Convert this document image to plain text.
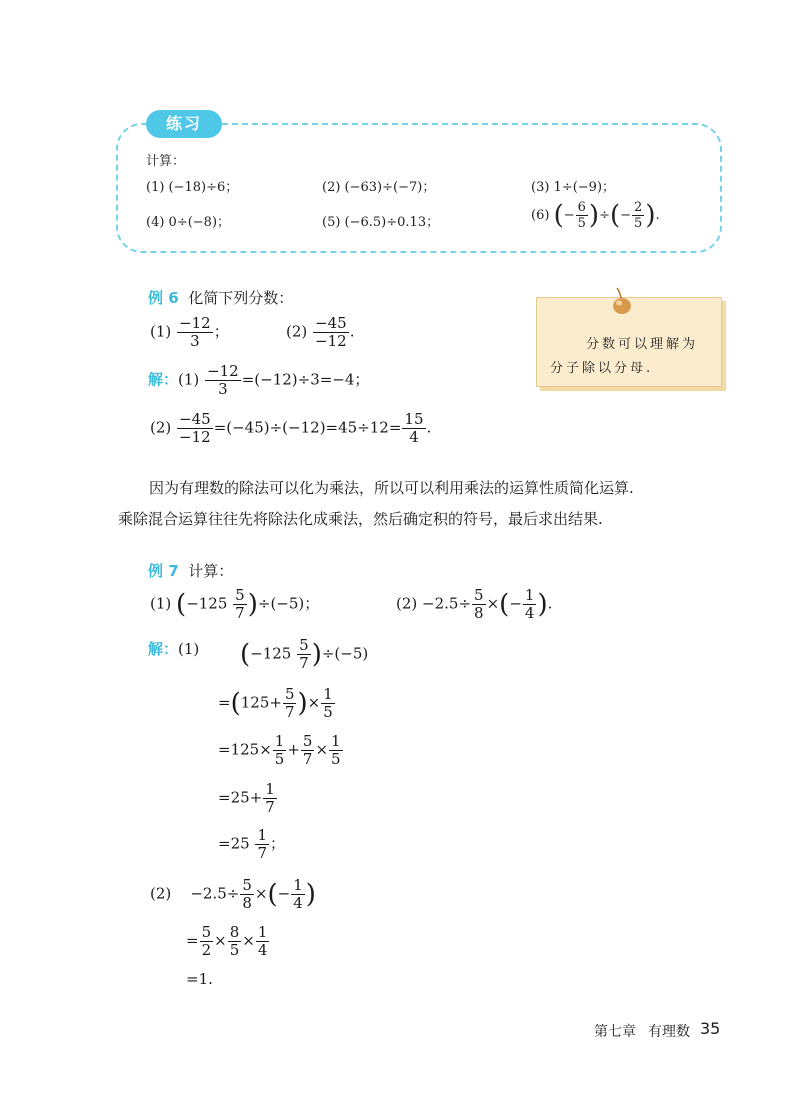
练习
计算：
(1) (−18)÷6；	(2) (−63)÷(−7)；	(3) 1÷(−9)；
(4) 0÷(−8)；	(5) (−6.5)÷0.13；	(6) (− $\frac{6}{5}$ )÷(− $\frac{2}{5}$ ).
例 6 化简下列分数：
$(1) \frac{-12}{3}$ ；	$(2) \frac{-45}{-12}$ .
解：$(1) \frac{-12}{3} =(-12)\div 3=-4$；
$(2) \frac{-45}{-12} =(-45)\div(-12)=45\div 12= \frac{15}{4}$ .
分数可以理解为
分子除以分母.
因为有理数的除法可以化为乘法，所以可以利用乘法的运算性质简化运算.
乘除混合运算往往先将除法化成乘法，然后确定积的符号，最后求出结果.
例 7 计算：
(1) $(-125 \frac{5}{7} )\div(-5)$；	$(2) -2.5\div \frac{5}{8}$ ×(− $\frac{1}{4}$ ).
解：(1) $(-125 \frac{5}{7} )\div(-5)$
$=(125+ \frac{5}{7}$ )× $\frac{1}{5}$
$=125\times \frac{1}{5} + \frac{5}{7} \times \frac{1}{5}$
$=25+ \frac{1}{7}$
$=25 \frac{1}{7}$ ；
$(2) -2.5\div \frac{5}{8}$ ×(− $\frac{1}{4}$ )
= $\frac{5}{2} \times \frac{8}{5} \times \frac{1}{4}$
=1.
第七章 有理数 35
